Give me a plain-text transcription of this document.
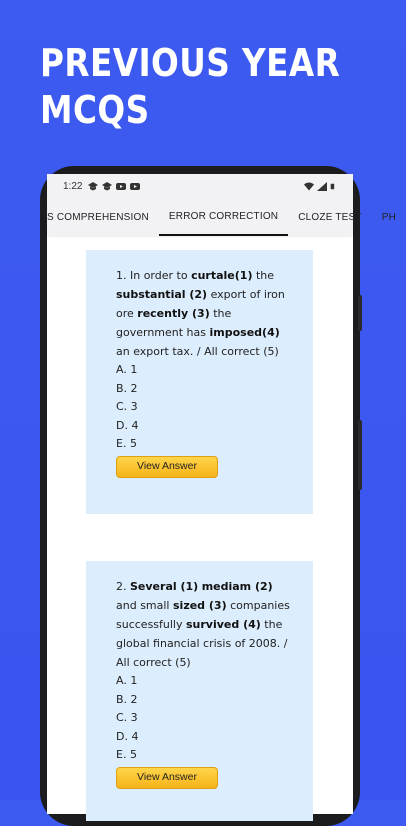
PREVIOUS YEAR
MCQS
1:22
S COMPREHENSION	ERROR CORRECTION	CLOZE TEST	PH
1. In order to curtale(1) the substantial (2) export of iron ore recently (3) the government has imposed(4) an export tax. / All correct (5)
A. 1
B. 2
C. 3
D. 4
E. 5
View Answer
2. Several (1) mediam (2) and small sized (3) companies successfully survived (4) the global financial crisis of 2008. / All correct (5)
A. 1
B. 2
C. 3
D. 4
E. 5
View Answer
